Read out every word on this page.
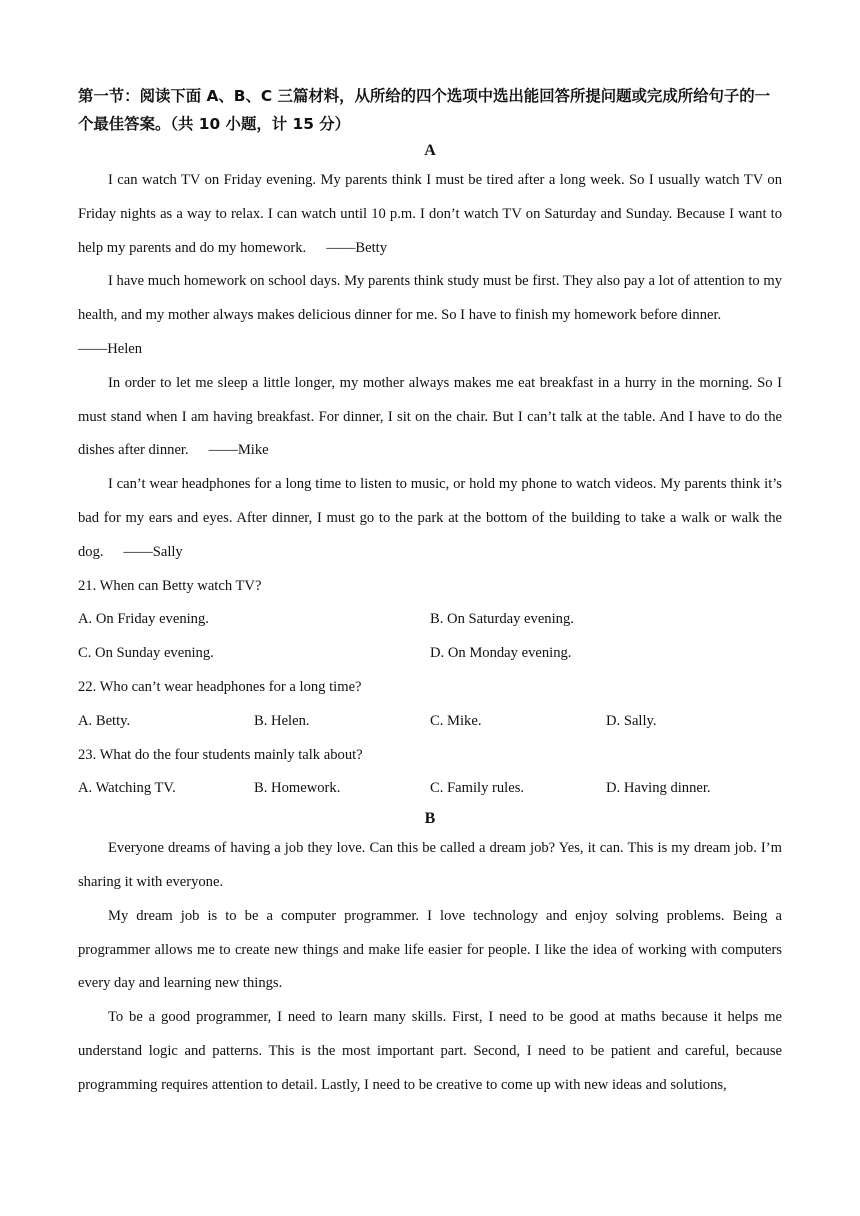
第一节：阅读下面 A、B、C 三篇材料，从所给的四个选项中选出能回答所提问题或完成所给句子的一个最佳答案。（共 10 小题，计 15 分）

A

I can watch TV on Friday evening. My parents think I must be tired after a long week. So I usually watch TV on Friday nights as a way to relax. I can watch until 10 p.m. I don’t watch TV on Saturday and Sunday. Because I want to help my parents and do my homework. ——Betty

I have much homework on school days. My parents think study must be first. They also pay a lot of attention to my health, and my mother always makes delicious dinner for me. So I have to finish my homework before dinner.

——Helen

In order to let me sleep a little longer, my mother always makes me eat breakfast in a hurry in the morning. So I must stand when I am having breakfast. For dinner, I sit on the chair. But I can’t talk at the table. And I have to do the dishes after dinner. ——Mike

I can’t wear headphones for a long time to listen to music, or hold my phone to watch videos. My parents think it’s bad for my ears and eyes. After dinner, I must go to the park at the bottom of the building to take a walk or walk the dog. ——Sally

21. When can Betty watch TV?

A. On Friday evening.	B. On Saturday evening.
C. On Sunday evening.	D. On Monday evening.

22. Who can’t wear headphones for a long time?

A. Betty.	B. Helen.	C. Mike.	D. Sally.

23. What do the four students mainly talk about?

A. Watching TV.	B. Homework.	C. Family rules.	D. Having dinner.

B

Everyone dreams of having a job they love. Can this be called a dream job? Yes, it can. This is my dream job. I’m sharing it with everyone.

My dream job is to be a computer programmer. I love technology and enjoy solving problems. Being a programmer allows me to create new things and make life easier for people. I like the idea of working with computers every day and learning new things.

To be a good programmer, I need to learn many skills. First, I need to be good at maths because it helps me understand logic and patterns. This is the most important part. Second, I need to be patient and careful, because programming requires attention to detail. Lastly, I need to be creative to come up with new ideas and solutions,
